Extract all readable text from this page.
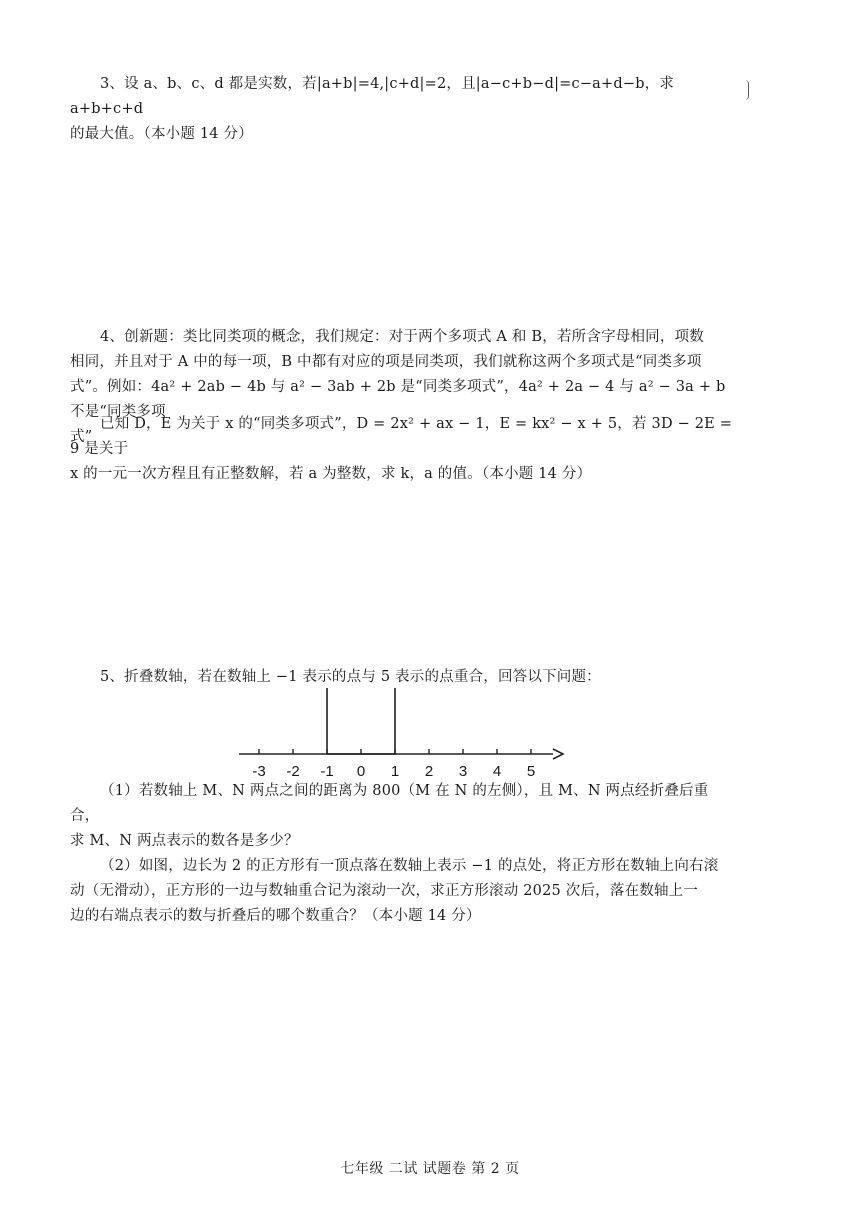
3、设 a、b、c、d 都是实数，若|a+b|=4,|c+d|=2，且|a−c+b−d|=c−a+d−b，求 a+b+c+d
的最大值。（本小题 14 分）
4、创新题：类比同类项的概念，我们规定：对于两个多项式 A 和 B，若所含字母相同，项数
相同，并且对于 A 中的每一项，B 中都有对应的项是同类项，我们就称这两个多项式是“同类多项
式”。例如：4a² + 2ab − 4b 与 a² − 3ab + 2b 是“同类多项式”，4a² + 2a − 4 与 a² − 3a + b 不是“同类多项
式”
已知 D，E 为关于 x 的“同类多项式”，D = 2x² + ax − 1，E = kx² − x + 5，若 3D − 2E = 9 是关于
x 的一元一次方程且有正整数解，若 a 为整数，求 k，a 的值。（本小题 14 分）
5、折叠数轴，若在数轴上 −1 表示的点与 5 表示的点重合，回答以下问题：
-3 -2 -1 0 1 2 3 4 5
（1）若数轴上 M、N 两点之间的距离为 800（M 在 N 的左侧），且 M、N 两点经折叠后重合，
求 M、N 两点表示的数各是多少？
（2）如图，边长为 2 的正方形有一顶点落在数轴上表示 −1 的点处，将正方形在数轴上向右滚
动（无滑动），正方形的一边与数轴重合记为滚动一次，求正方形滚动 2025 次后，落在数轴上一
边的右端点表示的数与折叠后的哪个数重合？（本小题 14 分）
七年级 二试 试题卷 第 2 页
